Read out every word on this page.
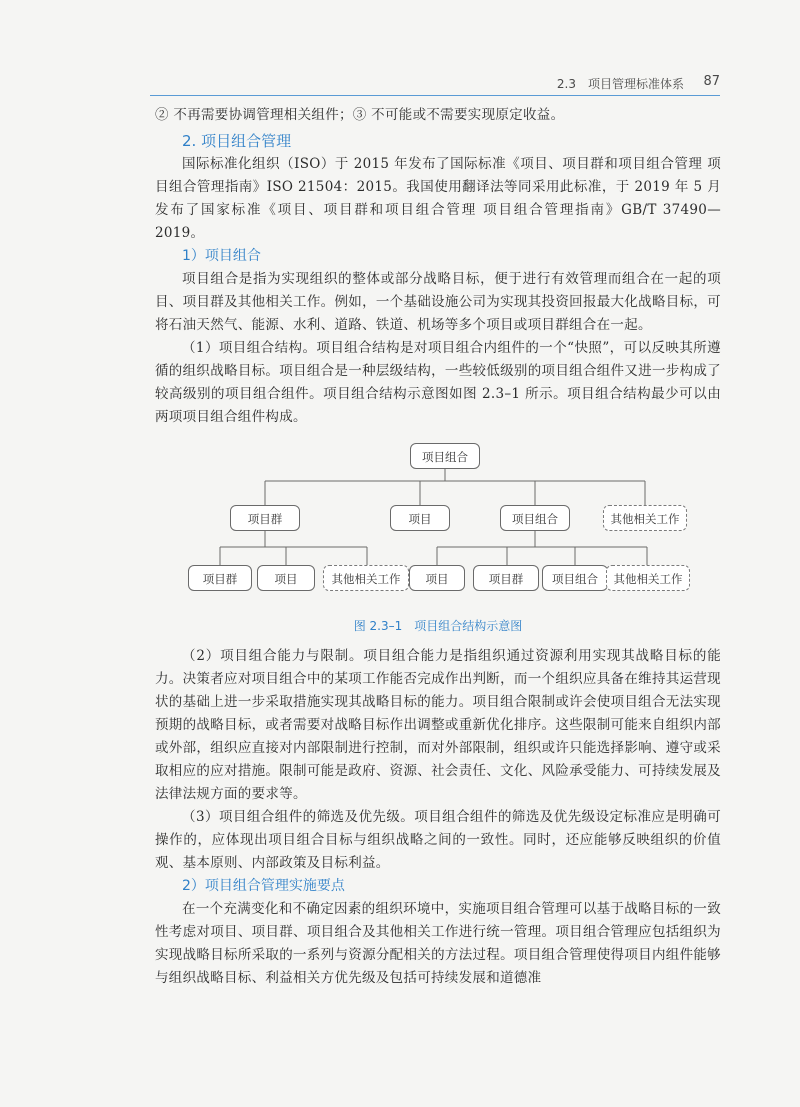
2.3　项目管理标准体系 87

② 不再需要协调管理相关组件；③ 不可能或不需要实现原定收益。

2. 项目组合管理

国际标准化组织（ISO）于 2015 年发布了国际标准《项目、项目群和项目组合管理 项目组合管理指南》ISO 21504：2015。我国使用翻译法等同采用此标准，于 2019 年 5 月发布了国家标准《项目、项目群和项目组合管理 项目组合管理指南》GB/T 37490—2019。

1）项目组合

项目组合是指为实现组织的整体或部分战略目标，便于进行有效管理而组合在一起的项目、项目群及其他相关工作。例如，一个基础设施公司为实现其投资回报最大化战略目标，可将石油天然气、能源、水利、道路、铁道、机场等多个项目或项目群组合在一起。

（1）项目组合结构。项目组合结构是对项目组合内组件的一个“快照”，可以反映其所遵循的组织战略目标。项目组合是一种层级结构，一些较低级别的项目组合组件又进一步构成了较高级别的项目组合组件。项目组合结构示意图如图 2.3–1 所示。项目组合结构最少可以由两项项目组合组件构成。

项目组合
项目群	项目	项目组合	其他相关工作
项目群	项目	其他相关工作	项目	项目群	项目组合	其他相关工作
图 2.3–1　项目组合结构示意图

（2）项目组合能力与限制。项目组合能力是指组织通过资源利用实现其战略目标的能力。决策者应对项目组合中的某项工作能否完成作出判断，而一个组织应具备在维持其运营现状的基础上进一步采取措施实现其战略目标的能力。项目组合限制或许会使项目组合无法实现预期的战略目标，或者需要对战略目标作出调整或重新优化排序。这些限制可能来自组织内部或外部，组织应直接对内部限制进行控制，而对外部限制，组织或许只能选择影响、遵守或采取相应的应对措施。限制可能是政府、资源、社会责任、文化、风险承受能力、可持续发展及法律法规方面的要求等。

（3）项目组合组件的筛选及优先级。项目组合组件的筛选及优先级设定标准应是明确可操作的，应体现出项目组合目标与组织战略之间的一致性。同时，还应能够反映组织的价值观、基本原则、内部政策及目标利益。

2）项目组合管理实施要点

在一个充满变化和不确定因素的组织环境中，实施项目组合管理可以基于战略目标的一致性考虑对项目、项目群、项目组合及其他相关工作进行统一管理。项目组合管理应包括组织为实现战略目标所采取的一系列与资源分配相关的方法过程。项目组合管理使得项目内组件能够与组织战略目标、利益相关方优先级及包括可持续发展和道德准
